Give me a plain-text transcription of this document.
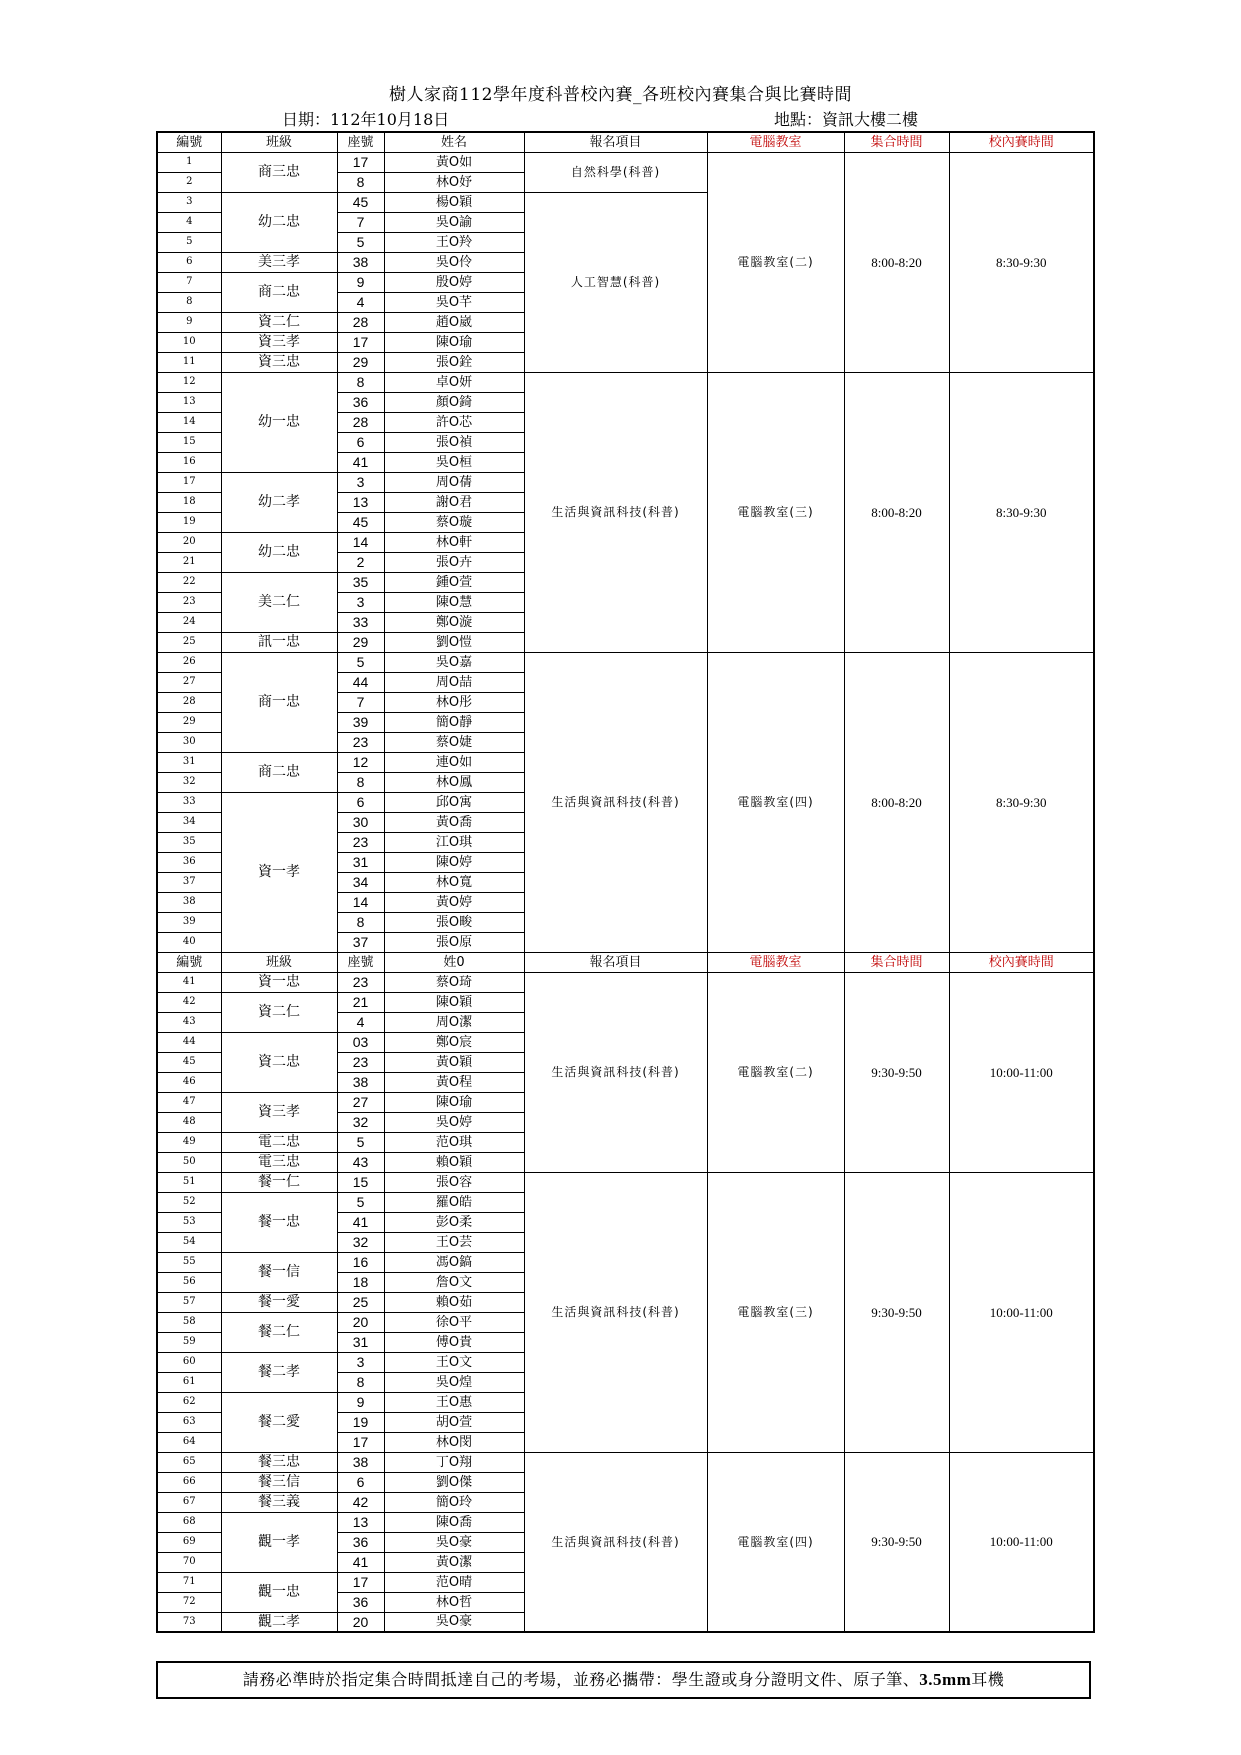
樹人家商112學年度科普校內賽_各班校內賽集合與比賽時間
日期：112年10月18日	地點：資訊大樓二樓
編號	班級	座號	姓名	報名項目	電腦教室	集合時間	校內賽時間
1	商三忠	17	黃O如	自然科學(科普)	電腦教室(二)	8:00-8:20	8:30-9:30
2		8	林O妤				
3	幼二忠	45	楊O穎	人工智慧(科普)			
4		7	吳O諭				
5		5	王O羚				
6	美三孝	38	吳O伶				
7	商二忠	9	殷O婷				
8		4	吳O芊				
9	資二仁	28	趙O崴				
10	資三孝	17	陳O瑜				
11	資三忠	29	張O銓				
12	幼一忠	8	卓O妍	生活與資訊科技(科普)	電腦教室(三)	8:00-8:20	8:30-9:30
13		36	顏O錡				
14		28	許O芯				
15		6	張O禎				
16		41	吳O桓				
17	幼二孝	3	周O蒨				
18		13	謝O君				
19		45	蔡O璇				
20	幼二忠	14	林O軒				
21		2	張O卉				
22	美二仁	35	鍾O萱				
23		3	陳O慧				
24		33	鄭O漩				
25	訊一忠	29	劉O愷				
26	商一忠	5	吳O嘉	生活與資訊科技(科普)	電腦教室(四)	8:00-8:20	8:30-9:30
27		44	周O喆				
28		7	林O彤				
29		39	簡O靜				
30		23	蔡O婕				
31	商二忠	12	連O如				
32		8	林O鳳				
33	資一孝	6	邱O寓				
34		30	黃O喬				
35		23	江O琪				
36		31	陳O婷				
37		34	林O寬				
38		14	黃O婷				
39		8	張O畯				
40		37	張O原				
編號	班級	座號	姓0	報名項目	電腦教室	集合時間	校內賽時間
41	資一忠	23	蔡O琦	生活與資訊科技(科普)	電腦教室(二)	9:30-9:50	10:00-11:00
42	資二仁	21	陳O穎				
43		4	周O潔				
44	資二忠	03	鄭O宸				
45		23	黃O穎				
46		38	黃O程				
47	資三孝	27	陳O瑜				
48		32	吳O婷				
49	電二忠	5	范O琪				
50	電三忠	43	賴O穎				
51	餐一仁	15	張O容	生活與資訊科技(科普)	電腦教室(三)	9:30-9:50	10:00-11:00
52	餐一忠	5	羅O皓				
53		41	彭O柔				
54		32	王O芸				
55	餐一信	16	馮O鎬				
56		18	詹O文				
57	餐一愛	25	賴O茹				
58	餐二仁	20	徐O平				
59		31	傅O貴				
60	餐二孝	3	王O文				
61		8	吳O煌				
62	餐二愛	9	王O惠				
63		19	胡O萱				
64		17	林O閔				
65	餐三忠	38	丁O翔	生活與資訊科技(科普)	電腦教室(四)	9:30-9:50	10:00-11:00
66	餐三信	6	劉O傑				
67	餐三義	42	簡O玲				
68	觀一孝	13	陳O喬				
69		36	吳O豪				
70		41	黃O潔				
71	觀一忠	17	范O晴				
72		36	林O哲				
73	觀二孝	20	吳O豪				
請務必準時於指定集合時間抵達自己的考場，並務必攜帶：學生證或身分證明文件、原子筆、3.5mm耳機
